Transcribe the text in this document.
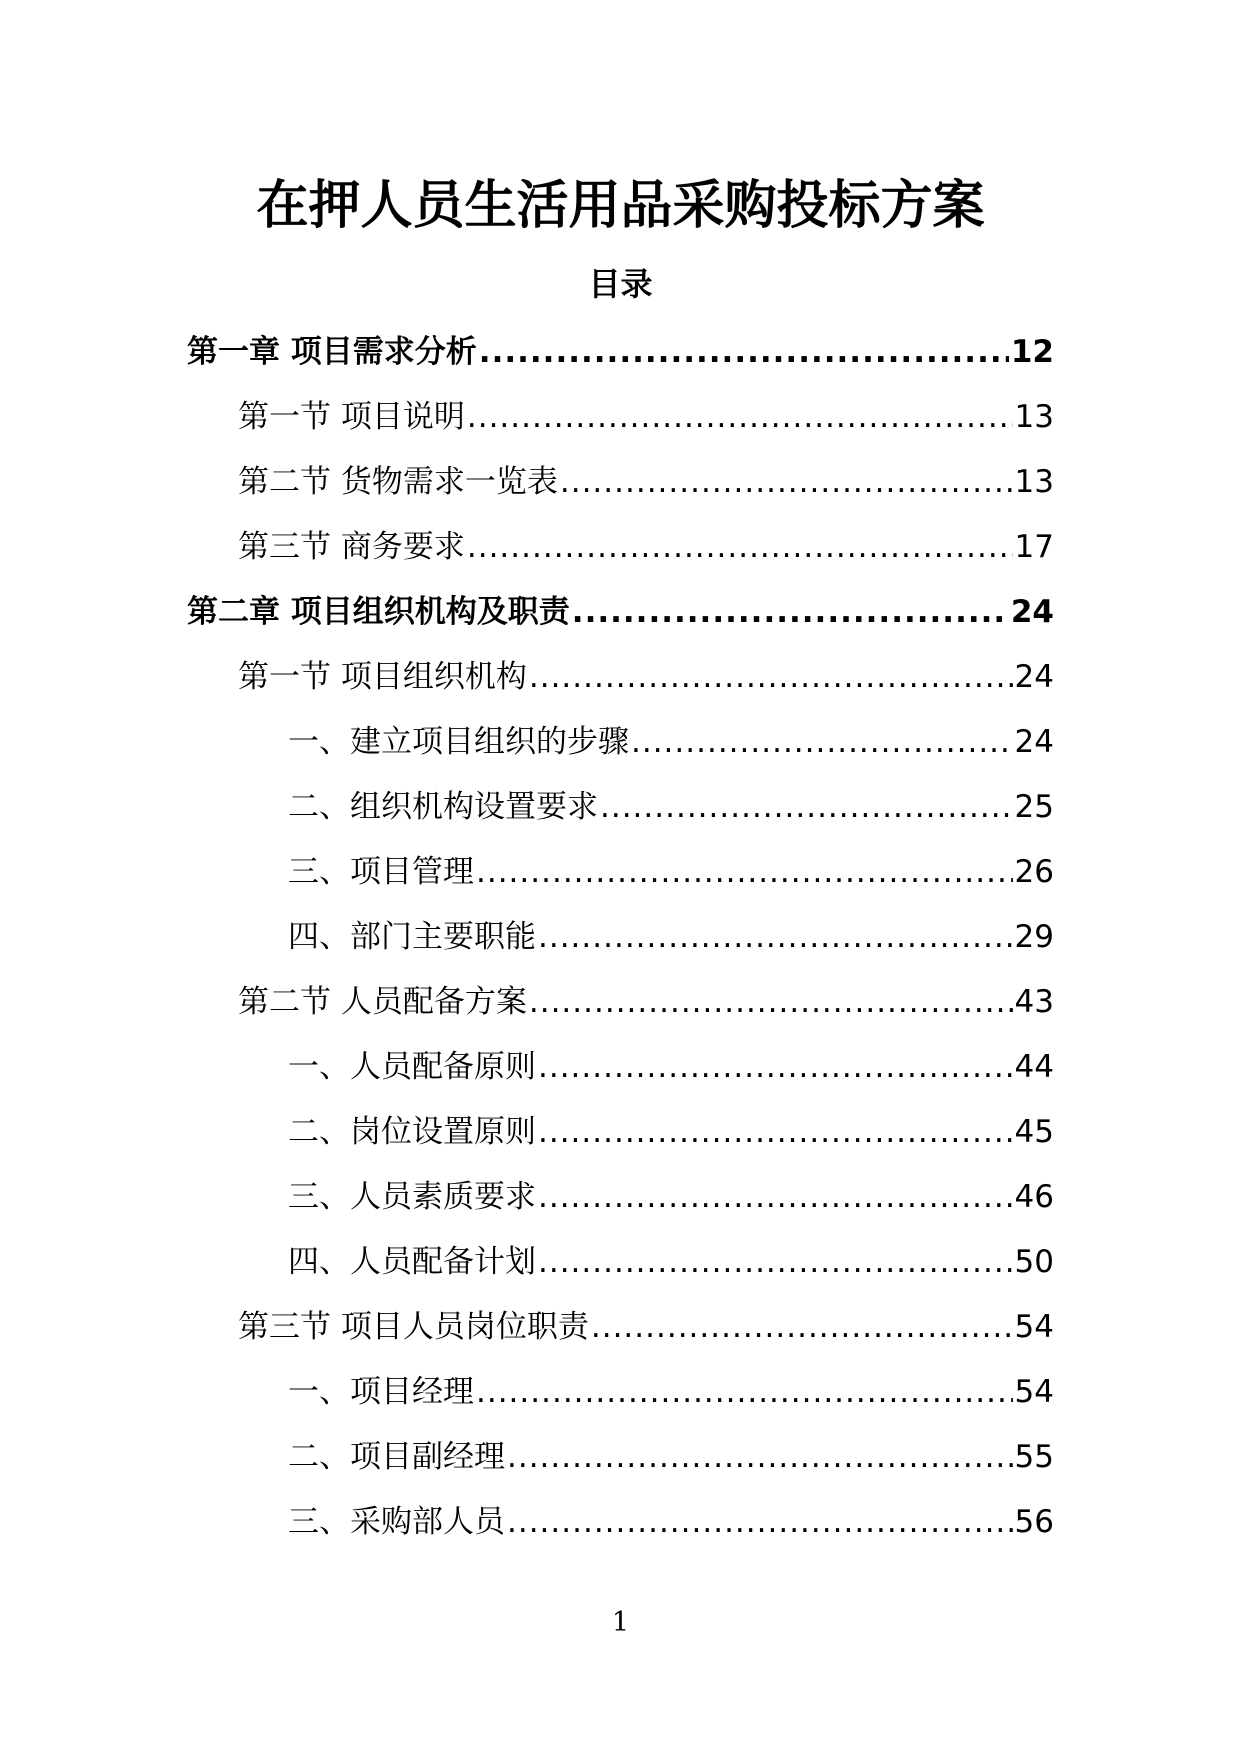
在押人员生活用品采购投标方案
目录
第一章 项目需求分析 .....	12
第一节 项目说明 .....	13
第二节 货物需求一览表 .....	13
第三节 商务要求 .....	17
第二章 项目组织机构及职责 .....	24
第一节 项目组织机构 .....	24
一、建立项目组织的步骤 .....	24
二、组织机构设置要求 .....	25
三、项目管理 .....	26
四、部门主要职能 .....	29
第二节 人员配备方案 .....	43
一、人员配备原则 .....	44
二、岗位设置原则 .....	45
三、人员素质要求 .....	46
四、人员配备计划 .....	50
第三节 项目人员岗位职责 .....	54
一、项目经理 .....	54
二、项目副经理 .....	55
三、采购部人员 .....	56
1
